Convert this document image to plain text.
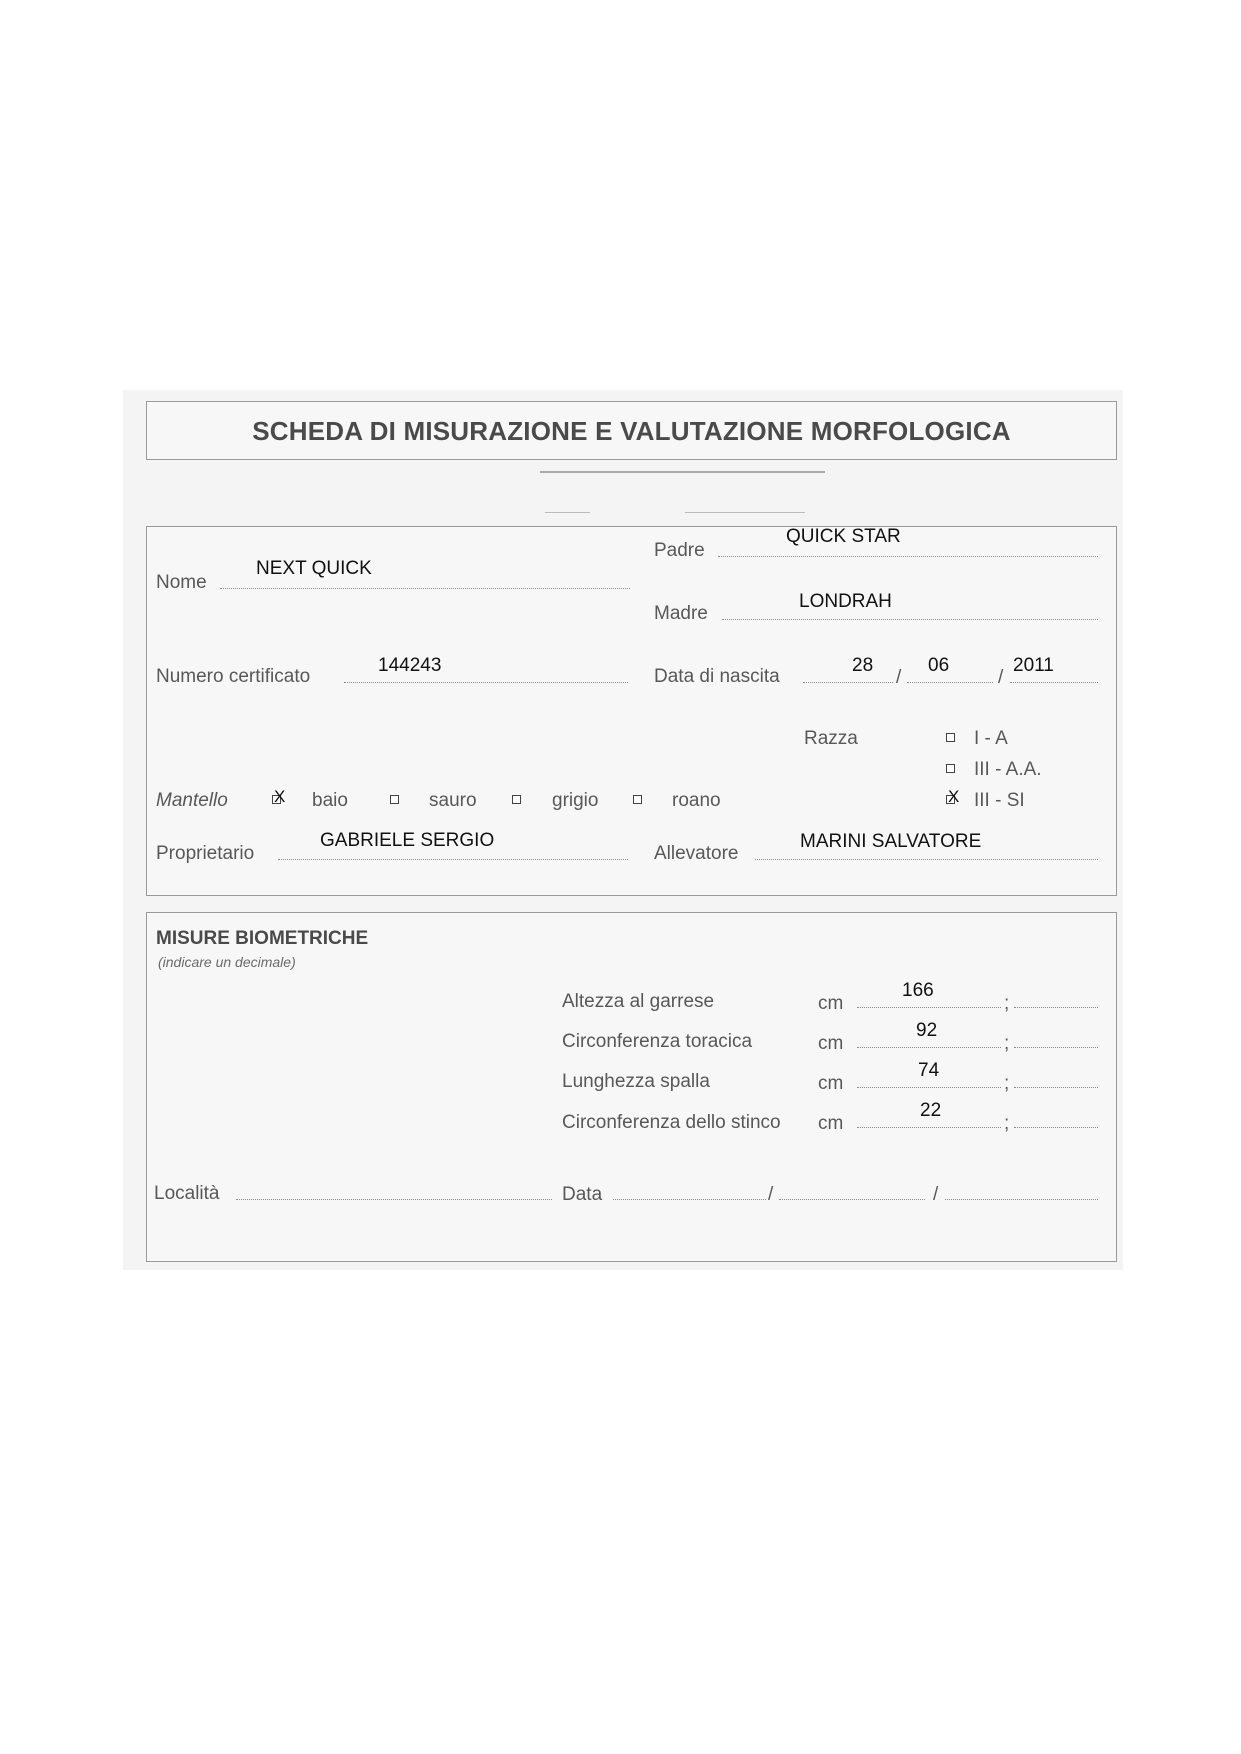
SCHEDA DI MISURAZIONE E VALUTAZIONE MORFOLOGICA
Padre
QUICK STAR
Nome
NEXT QUICK
Madre
LONDRAH
Numero certificato
144243
Data di nascita	/	/
28	06	2011
Razza	I - A
III - A.A.
X
III - SI
Mantello
X	baio	sauro	grigio	roano
Proprietario
GABRIELE SERGIO
Allevatore
MARINI SALVATORE
MISURE BIOMETRICHE
(indicare un decimale)
Altezza al garrese	cm	;
166
Circonferenza toracica	cm	;
92
Lunghezza spalla	cm	;
74
Circonferenza dello stinco cm	;
22
Località	Data	/	/
